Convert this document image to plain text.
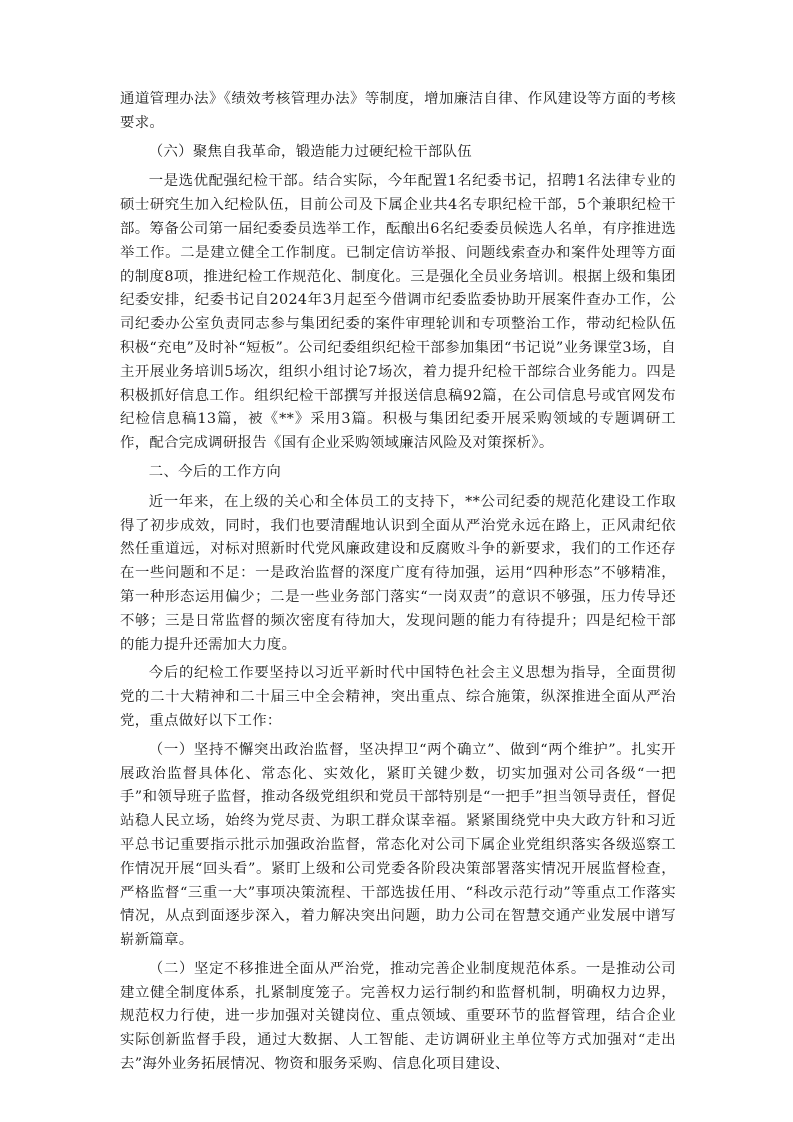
通道管理办法》《绩效考核管理办法》等制度，增加廉洁自律、作风建设等方面的考核要求。

（六）聚焦自我革命，锻造能力过硬纪检干部队伍

一是选优配强纪检干部。结合实际，今年配置1名纪委书记，招聘1名法律专业的硕士研究生加入纪检队伍，目前公司及下属企业共4名专职纪检干部，5个兼职纪检干部。筹备公司第一届纪委委员选举工作，酝酿出6名纪委委员候选人名单，有序推进选举工作。二是建立健全工作制度。已制定信访举报、问题线索查办和案件处理等方面的制度8项，推进纪检工作规范化、制度化。三是强化全员业务培训。根据上级和集团纪委安排，纪委书记自2024年3月起至今借调市纪委监委协助开展案件查办工作，公司纪委办公室负责同志参与集团纪委的案件审理轮训和专项整治工作，带动纪检队伍积极“充电”及时补“短板”。公司纪委组织纪检干部参加集团“书记说”业务课堂3场，自主开展业务培训5场次，组织小组讨论7场次，着力提升纪检干部综合业务能力。四是积极抓好信息工作。组织纪检干部撰写并报送信息稿92篇，在公司信息号或官网发布纪检信息稿13篇，被《**》采用3篇。积极与集团纪委开展采购领域的专题调研工作，配合完成调研报告《国有企业采购领域廉洁风险及对策探析》。

二、今后的工作方向

近一年来，在上级的关心和全体员工的支持下，**公司纪委的规范化建设工作取得了初步成效，同时，我们也要清醒地认识到全面从严治党永远在路上，正风肃纪依然任重道远，对标对照新时代党风廉政建设和反腐败斗争的新要求，我们的工作还存在一些问题和不足：一是政治监督的深度广度有待加强，运用“四种形态”不够精准，第一种形态运用偏少；二是一些业务部门落实“一岗双责”的意识不够强，压力传导还不够；三是日常监督的频次密度有待加大，发现问题的能力有待提升；四是纪检干部的能力提升还需加大力度。

今后的纪检工作要坚持以习近平新时代中国特色社会主义思想为指导，全面贯彻党的二十大精神和二十届三中全会精神，突出重点、综合施策，纵深推进全面从严治党，重点做好以下工作：

（一）坚持不懈突出政治监督，坚决捍卫“两个确立”、做到“两个维护”。扎实开展政治监督具体化、常态化、实效化，紧盯关键少数，切实加强对公司各级“一把手”和领导班子监督，推动各级党组织和党员干部特别是“一把手”担当领导责任，督促站稳人民立场，始终为党尽责、为职工群众谋幸福。紧紧围绕党中央大政方针和习近平总书记重要指示批示加强政治监督，常态化对公司下属企业党组织落实各级巡察工作情况开展“回头看”。紧盯上级和公司党委各阶段决策部署落实情况开展监督检查，严格监督“三重一大”事项决策流程、干部选拔任用、“科改示范行动”等重点工作落实情况，从点到面逐步深入，着力解决突出问题，助力公司在智慧交通产业发展中谱写崭新篇章。

（二）坚定不移推进全面从严治党，推动完善企业制度规范体系。一是推动公司建立健全制度体系，扎紧制度笼子。完善权力运行制约和监督机制，明确权力边界，规范权力行使，进一步加强对关键岗位、重点领域、重要环节的监督管理，结合企业实际创新监督手段，通过大数据、人工智能、走访调研业主单位等方式加强对“走出去”海外业务拓展情况、物资和服务采购、信息化项目建设、
